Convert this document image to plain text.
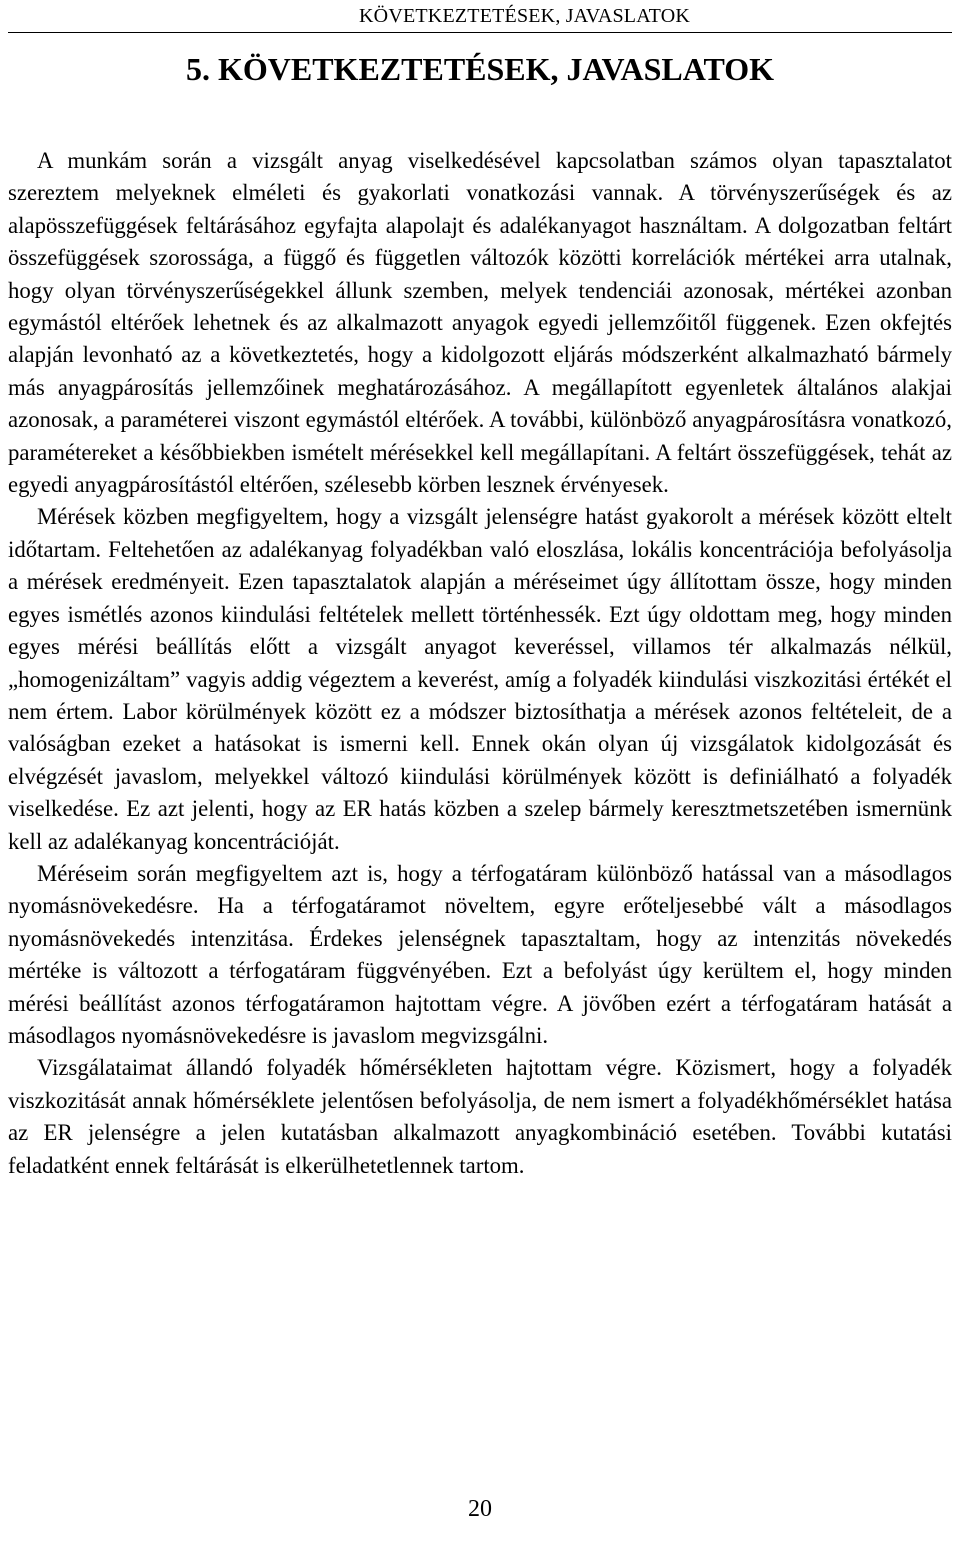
KÖVETKEZTETÉSEK, JAVASLATOK
5. KÖVETKEZTETÉSEK, JAVASLATOK

A munkám során a vizsgált anyag viselkedésével kapcsolatban számos olyan tapasztalatot szereztem melyeknek elméleti és gyakorlati vonatkozási vannak. A törvényszerűségek és az alapösszefüggések feltárásához egyfajta alapolajt és adalékanyagot használtam. A dolgozatban feltárt összefüggések szorossága, a függő és független változók közötti korrelációk mértékei arra utalnak, hogy olyan törvényszerűségekkel állunk szemben, melyek tendenciái azonosak, mértékei azonban egymástól eltérőek lehetnek és az alkalmazott anyagok egyedi jellemzőitől függenek. Ezen okfejtés alapján levonható az a következtetés, hogy a kidolgozott eljárás módszerként alkalmazható bármely más anyagpárosítás jellemzőinek meghatározásához. A megállapított egyenletek általános alakjai azonosak, a paraméterei viszont egymástól eltérőek. A további, különböző anyagpárosításra vonatkozó, paramétereket a későbbiekben ismételt mérésekkel kell megállapítani. A feltárt összefüggések, tehát az egyedi anyagpárosítástól eltérően, szélesebb körben lesznek érvényesek.

Mérések közben megfigyeltem, hogy a vizsgált jelenségre hatást gyakorolt a mérések között eltelt időtartam. Feltehetően az adalékanyag folyadékban való eloszlása, lokális koncentrációja befolyásolja a mérések eredményeit. Ezen tapasztalatok alapján a méréseimet úgy állítottam össze, hogy minden egyes ismétlés azonos kiindulási feltételek mellett történhessék. Ezt úgy oldottam meg, hogy minden egyes mérési beállítás előtt a vizsgált anyagot keveréssel, villamos tér alkalmazás nélkül, „homogenizáltam” vagyis addig végeztem a keverést, amíg a folyadék kiindulási viszkozitási értékét el nem értem. Labor körülmények között ez a módszer biztosíthatja a mérések azonos feltételeit, de a valóságban ezeket a hatásokat is ismerni kell. Ennek okán olyan új vizsgálatok kidolgozását és elvégzését javaslom, melyekkel változó kiindulási körülmények között is definiálható a folyadék viselkedése. Ez azt jelenti, hogy az ER hatás közben a szelep bármely keresztmetszetében ismernünk kell az adalékanyag koncentrációját.

Méréseim során megfigyeltem azt is, hogy a térfogatáram különböző hatással van a másodlagos nyomásnövekedésre. Ha a térfogatáramot növeltem, egyre erőteljesebbé vált a másodlagos nyomásnövekedés intenzitása. Érdekes jelenségnek tapasztaltam, hogy az intenzitás növekedés mértéke is változott a térfogatáram függvényében. Ezt a befolyást úgy kerültem el, hogy minden mérési beállítást azonos térfogatáramon hajtottam végre. A jövőben ezért a térfogatáram hatását a másodlagos nyomásnövekedésre is javaslom megvizsgálni.

Vizsgálataimat állandó folyadék hőmérsékleten hajtottam végre. Közismert, hogy a folyadék viszkozitását annak hőmérséklete jelentősen befolyásolja, de nem ismert a folyadékhőmérséklet hatása az ER jelenségre a jelen kutatásban alkalmazott anyagkombináció esetében. További kutatási feladatként ennek feltárását is elkerülhetetlennek tartom.

20
